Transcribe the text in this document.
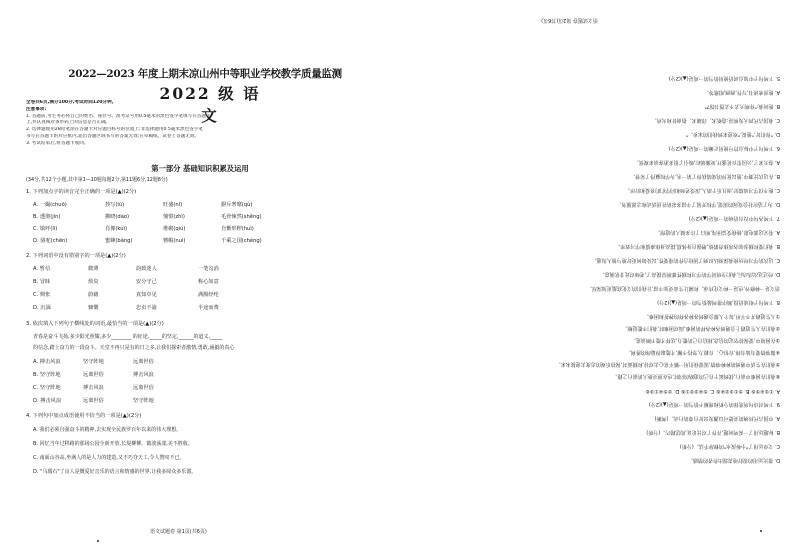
2022—2023 年度上期末凉山州中等职业学校教学质量监测
2022 级 语 文
全卷共6页,满分100分,考试时间120分钟。
注意事项:
1. 答题前,考生务必将自己的姓名、座位号、准考证号用0.5毫米的黑色签字笔填写在答题卡
上,并认真核对条形码上的信息是否正确。
2. 选择题使用2B铅笔涂在答题卡对应题目标号的位置上;非选择题用0.5毫米黑色签字笔
书写在答题卡的对应框内,超出答题区域书写的答案无效;在草稿纸、试卷上答题无效。
3. 考试结束后,将答题卡收回。
第一部分 基础知识积累及运用
(34分,共12个小题,其中第1—10题每题2分,第11题6分,12题8分)
1. 下列加点字的读音完全正确的一项是(▲)(2分)
A. 一撮(chuō)	抄写(lù)	旺盛(ní)	摒斥奢靡(qù)
B. 透彻(jìn)	拂晓(dào)	憧憬(zhì)	毛骨悚然(shěng)
C. 镇呼(lì)	肖像(kuì)	堆砌(qiú)	自惭形秽(huì)
D. 骆驼(chēn)	蜜蜂(bàng)	簪帽(nuì)	千乘之国(chéng)
2. 下列词语中没有错别字的一项是(▲)(2分)
A. 暂信	微薄	韵致迷人	一笔勾消
B. 冒昧	烦臭	安分守己	称心如意
C. 惆怅	蔚藉	真知卓见	满腹经纶
D. 沉湎	慷慨	忠贞不渝	半途而费
3. 依次填入下列句子横线处的词语,最恰当的一项是(▲)(2分)
青春是奋斗飞扬,多少阳光照耀,多少________ 的征途,_____的坚定,______的道义,_____
的信念,踏上奋力的一段奋斗。天堂不再只是有的日之多,让我们探索者激情,勇敢,涵毅的真心
A. 搏击风浪	坚守阵地	远离世俗
B. 坚守阵地	远离世俗	搏击风浪
C. 坚守阵地	搏击风浪	远离世俗
D. 搏击风浪	远离世俗	坚守阵地
4. 下列句中加点成语使用不恰当的一项是(▲)(2分)
A. 我们必须自强奋斗的精神,去实现全民族罗百年以来的伟大理想。
B. 回忆当年过移路的那场公园全新开放,长堤柳柳、微波荡漾,美不胜收。
C. 南面山谷高,坐满人的是人力的建造,又不巧夺天工,令人赞叹不已。
D. "马瑙石"了良人是慨爱好音乐的语言和情感的世界,让我多阅众多乐器。
语文试题卷 第1页(共6页)
D. 排比运用的很好地表现出作者的情感。
C. 文章运用了"小桥流水"的修辞手法。(分析)
B. 标题运用了一系列问题,并作了对比论证,构思精巧。(分析)
A. 中国古代传统的美德可以激发出好自尊的行动。(判断)
9. 下列对诗句所选择的分析和理解不恰当的一项是(▲)(2分)
A. ①②④⑤⑥ B. ⑤①③②④⑥ C. ⑤④③②①⑥ D. ②⑤④①③⑥
⑥我们在困难中前行,找到属于自己的道路的同时,也在照亮他人的前行之路。
⑤我们在生活中遇到的种种事情,需要我们用一颗平常心去对待,积极面对,保持乐观的态度去迎接未来。
④做事情要有始有终,有恒心、有毅力,坚持不懈,才能取得最终的胜利。
③在困境中,要保持坚定的信念,相信自己的能力,这样才能不断前进。
②我们在人生道路上会遇到各种各样的困难,面对困难时,我们不能退缩。
①人生道路并不平坦,每个人都会遇到各种各样的挫折和困难。
8. 下列句子组成语段,顺序排列最恰当的一项是(▲)(2分)
语文是一种修养,也是一种文化传承。积累让生命更加丰富,让我们的文化底蕴更加深厚。
D. 经过这次活动后,我们全班同学的学习积极性都明显提高了,老师对此非常满意。
C. 这次的学习经历使我深刻认识到了团结合作的重要性,以及如何更好地与他人沟通。
B. 我们要积极参加各项体育锻炼,增强自身体质,提高身体素质和学习效率。
A. 看完这部电影,使我受益匪浅,明白了许多做人的道理。
7. 下列各句中没有语病的一项是(▲)(2分)
D. 为了适应社会发展的需要,学校开展了丰富多彩的社团活动和志愿服务。
C. 他不仅学习成绩好,而且乐于助人,深受老师和同学们的喜爱和好评。
B. 在这次比赛中,他以优异的成绩获得了第一名,为学校赢得了荣誉。
A. 春天来了,公园里百花盛开,姹紫嫣红,吸引了很多游客前来观赏。
6. 下列句子中标点符号使用正确的一项是(▲)(2分)
D. "你们好,"他说,"欢迎来到我们的家乡。"
C. 我国古代四大发明是:造纸术、印刷术、指南针和火药。
B. 他问我:"你明天去不去图书馆?"
A. 他喜欢读书,写作,画画,唱歌等。
5. 下列句子中加点词语使用恰当的一项是(▲)(2分)
语文试题卷 第2页(共6页)
